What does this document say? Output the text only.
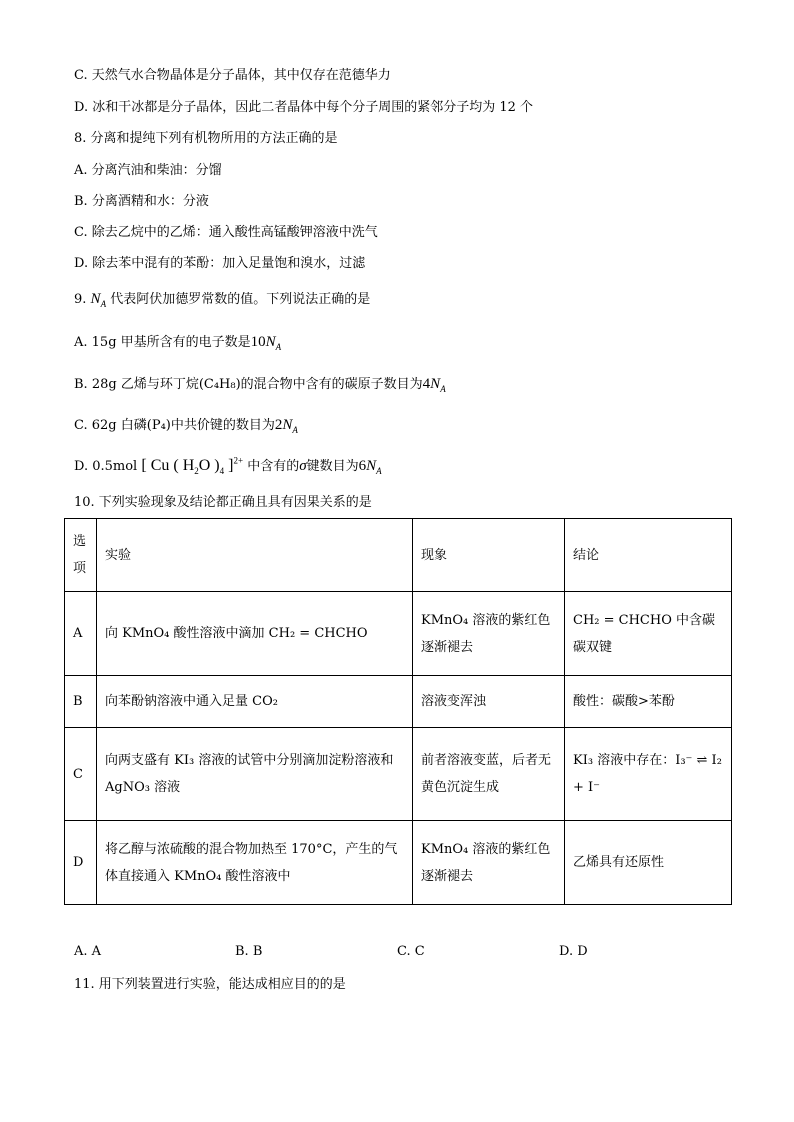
C. 天然气水合物晶体是分子晶体，其中仅存在范德华力
D. 冰和干冰都是分子晶体，因此二者晶体中每个分子周围的紧邻分子均为 12 个
8. 分离和提纯下列有机物所用的方法正确的是
A. 分离汽油和柴油：分馏
B. 分离酒精和水：分液
C. 除去乙烷中的乙烯：通入酸性高锰酸钾溶液中洗气
D. 除去苯中混有的苯酚：加入足量饱和溴水，过滤
9. $N_A$ 代表阿伏加德罗常数的值。下列说法正确的是
A. 15g 甲基所含有的电子数是$10N_A$
B. 28g 乙烯与环丁烷(C₄H₈)的混合物中含有的碳原子数目为$4N_A$
C. 62g 白磷(P₄)中共价键的数目为$2N_A$
D. 0.5mol [ Cu ( $H_2O$ )$_4$ ]$^{2+}$ 中含有的σ键数目为$6N_A$
10. 下列实验现象及结论都正确且具有因果关系的是
选项	实验	现象	结论
A	向 KMnO₄ 酸性溶液中滴加 CH₂ = CHCHO	KMnO₄ 溶液的紫红色逐渐褪去	CH₂ = CHCHO 中含碳碳双键
B	向苯酚钠溶液中通入足量 CO₂	溶液变浑浊	酸性：碳酸>苯酚
C	向两支盛有 KI₃ 溶液的试管中分别滴加淀粉溶液和 AgNO₃ 溶液	前者溶液变蓝，后者无黄色沉淀生成	KI₃ 溶液中存在：I₃⁻ ⇌ I₂ + I⁻
D	将乙醇与浓硫酸的混合物加热至 170°C，产生的气体直接通入 KMnO₄ 酸性溶液中	KMnO₄ 溶液的紫红色逐渐褪去	乙烯具有还原性
A. A	B. B	C. C	D. D
11. 用下列装置进行实验，能达成相应目的的是
